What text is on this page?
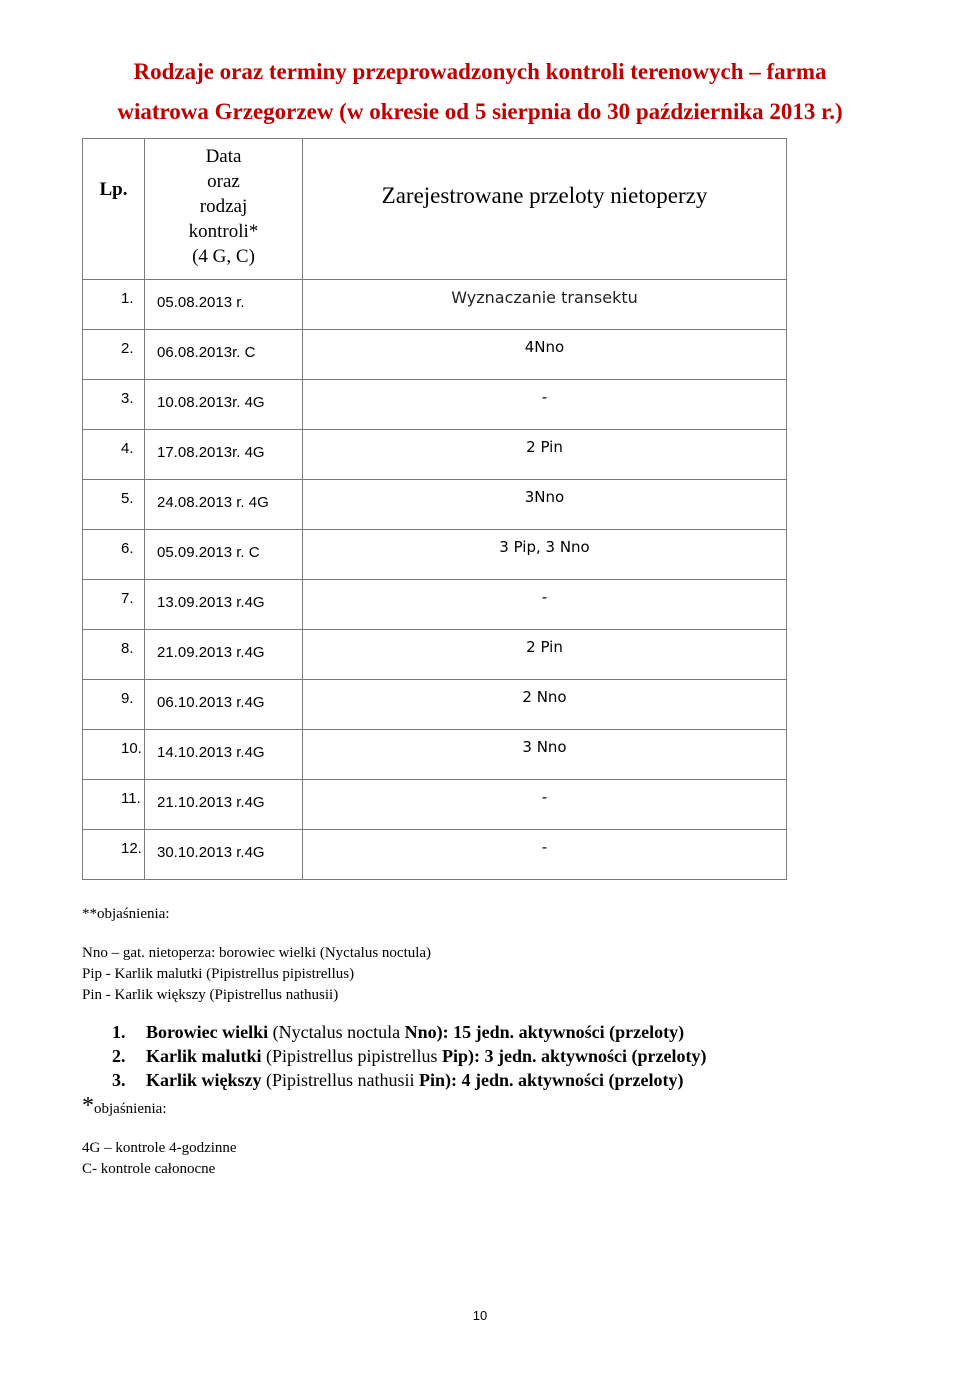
Rodzaje oraz terminy przeprowadzonych kontroli terenowych – farma
wiatrowa Grzegorzew (w okresie od 5 sierpnia do 30 października 2013 r.)
Lp.	Data
oraz
rodzaj
kontroli*
(4 G, C)	Zarejestrowane przeloty nietoperzy
1.	05.08.2013 r.	Wyznaczanie transektu
2.	06.08.2013r. C	4Nno
3.	10.08.2013r. 4G	-
4.	17.08.2013r. 4G	2 Pin
5.	24.08.2013 r. 4G	3Nno
6.	05.09.2013 r. C	3 Pip, 3 Nno
7.	13.09.2013 r.4G	-
8.	21.09.2013 r.4G	2 Pin
9.	06.10.2013 r.4G	2 Nno
10.	14.10.2013 r.4G	3 Nno
11.	21.10.2013 r.4G	-
12.	30.10.2013 r.4G	-
**objaśnienia:
Nno – gat. nietoperza: borowiec wielki (Nyctalus noctula)
Pip - Karlik malutki (Pipistrellus pipistrellus)
Pin - Karlik większy (Pipistrellus nathusii)
1. Borowiec wielki (Nyctalus noctula Nno): 15 jedn. aktywności (przeloty)
2. Karlik malutki (Pipistrellus pipistrellus Pip): 3 jedn. aktywności (przeloty)
3. Karlik większy (Pipistrellus nathusii Pin): 4 jedn. aktywności (przeloty)
*objaśnienia:
4G – kontrole 4-godzinne
C- kontrole całonocne
10
